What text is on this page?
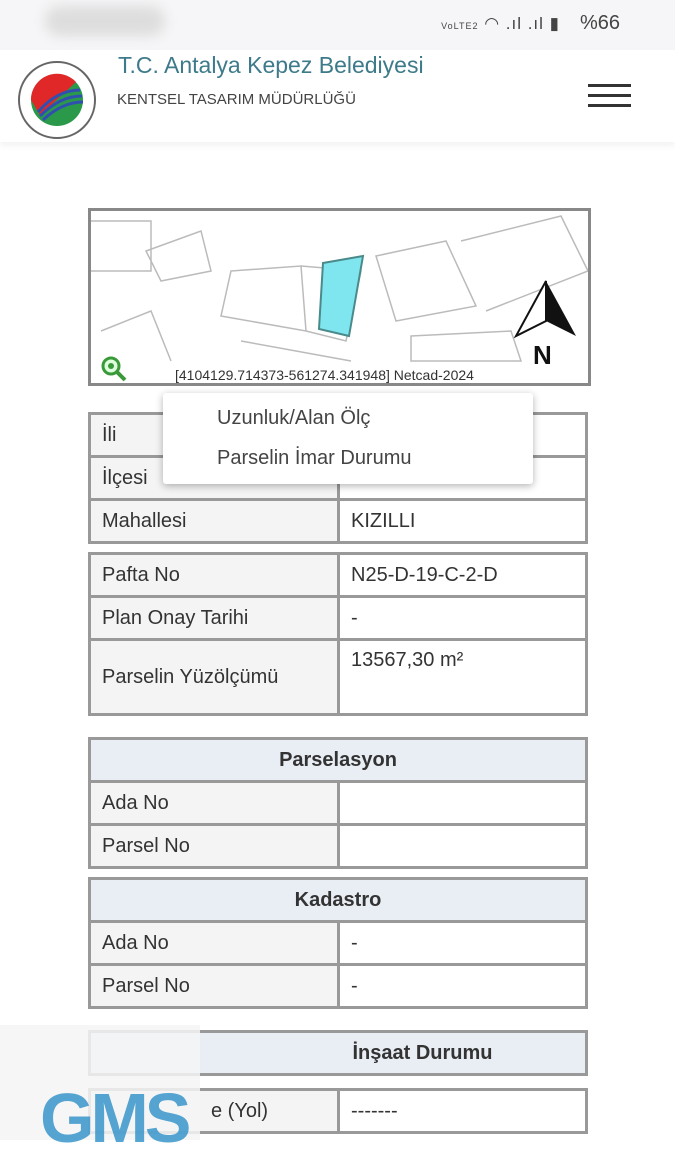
VoLTE2 ◠ .ıl .ıl ▮ %66
T.C. Antalya Kepez Belediyesi
KENTSEL TASARIM MÜDÜRLÜĞÜ
N
[4104129.714373-561274.341948] Netcad-2024
Uzunluk/Alan Ölç
Parselin İmar Durumu
İli	
İlçesi	
Mahallesi	KIZILLI
Pafta No	N25-D-19-C-2-D
Plan Onay Tarihi	-
Parselin Yüzölçümü	13567,30 m²
Parselasyon	
Ada No	
Parsel No	
Kadastro	
Ada No	-
Parsel No	-
İnşaat Durumu
e (Yol)	-------
GMS
